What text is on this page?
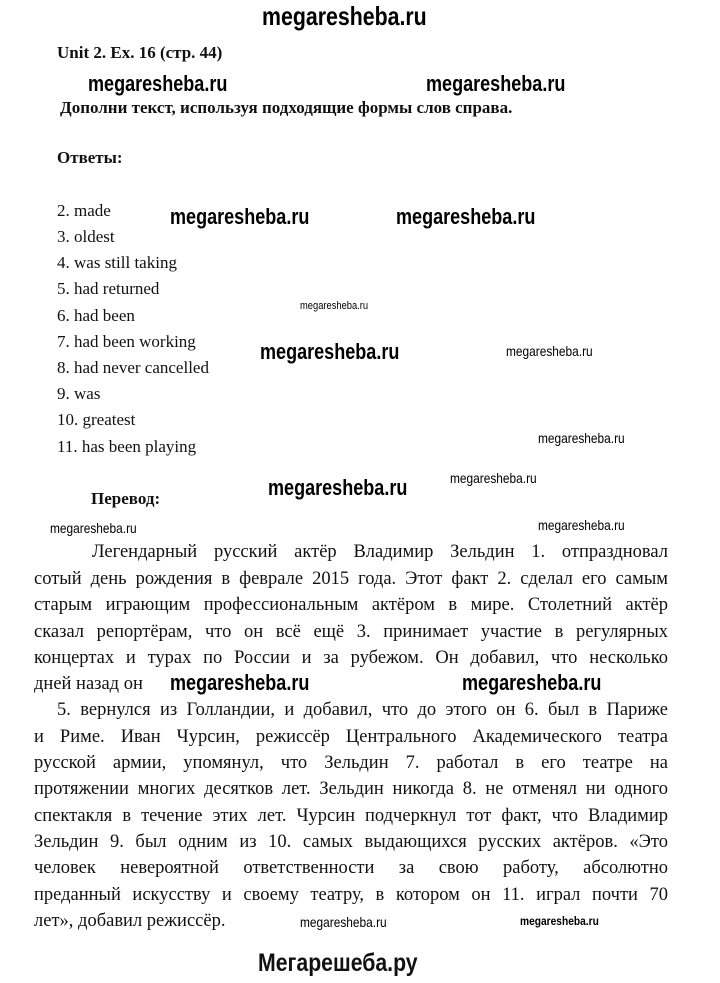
megaresheba.ru
Unit 2. Ex. 16 (стр. 44)
megaresheba.ru	megaresheba.ru
Дополни текст, используя подходящие формы слов справа.
Ответы:
2. made
3. oldest
4. was still taking
5. had returned
6. had been
7. had been working
8. had never cancelled
9. was
10. greatest
11. has been playing
megaresheba.ru	megaresheba.ru
megaresheba.ru
megaresheba.ru	megaresheba.ru
megaresheba.ru
Перевод:	megaresheba.ru
megaresheba.ru	megaresheba.ru
megaresheba.ru
Легендарный русский актёр Владимир Зельдин 1. отпраздновал
сотый день рождения в феврале 2015 года. Этот факт 2. сделал его самым
старым играющим профессиональным актёром в мире. Столетний актёр
сказал репортёрам, что он всё ещё 3. принимает участие в регулярных
концертах и турах по России и за рубежом. Он добавил, что несколько
дней назад он megaresheba.ru	megaresheba.ru
5. вернулся из Голландии, и добавил, что до этого он 6. был в Париже
и Риме. Иван Чурсин, режиссёр Центрального Академического театра
русской армии, упомянул, что Зельдин 7. работал в его театре на
протяжении многих десятков лет. Зельдин никогда 8. не отменял ни одного
спектакля в течение этих лет. Чурсин подчеркнул тот факт, что Владимир
Зельдин 9. был одним из 10. самых выдающихся русских актёров. «Это
человек невероятной ответственности за свою работу, абсолютно
преданный искусству и своему театру, в котором он 11. играл почти 70
лет», добавил режиссёр.	megaresheba.ru	megaresheba.ru
Мегарешеба.ру
